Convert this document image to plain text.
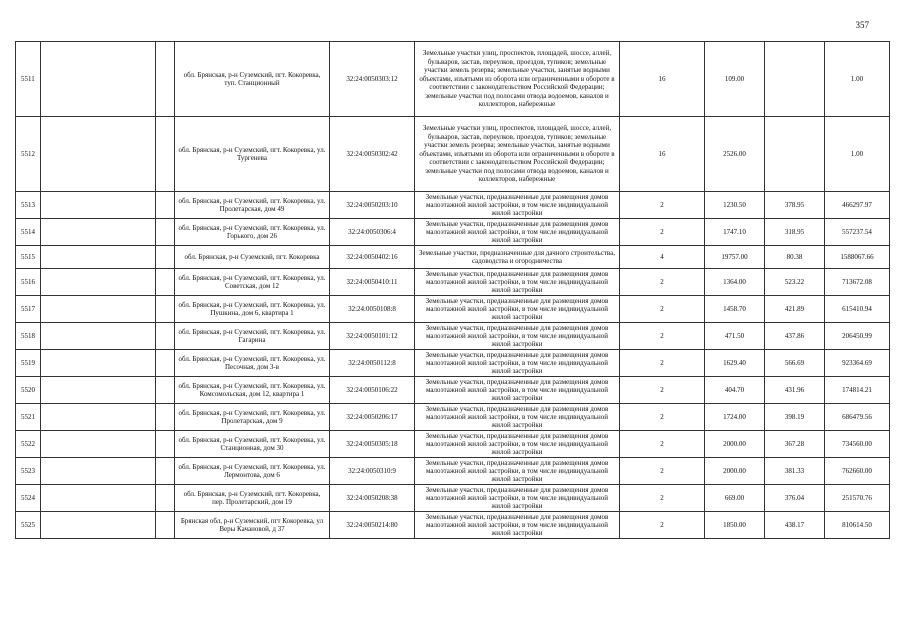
357
5511			обл. Брянская, р-н Суземский, пгт. Кокоревка, туп. Станционный	32:24:0050303:12	Земельные участки улиц, проспектов, площадей, шоссе, аллей, бульваров, застав, переулков, проездов, тупиков; земельные участки земель резерва; земельные участки, занятые водными объектами, изъятыми из оборота или ограниченными в обороте в соответствии с законодательством Российской Федерации; земельные участки под полосами отвода водоемов, каналов и коллекторов, набережные	16	109.00		1.00
5512			обл. Брянская, р-н Суземский, пгт. Кокоревка, ул. Тургенева	32:24:0050302:42	Земельные участки улиц, проспектов, площадей, шоссе, аллей, бульваров, застав, переулков, проездов, тупиков; земельные участки земель резерва; земельные участки, занятые водными объектами, изъятыми из оборота или ограниченными в обороте в соответствии с законодательством Российской Федерации; земельные участки под полосами отвода водоемов, каналов и коллекторов, набережные	16	2526.00		1.00
5513			обл. Брянская, р-н Суземский, пгт. Кокоревка, ул. Пролетарская, дом 49	32:24:0050203:10	Земельные участки, предназначенные для размещения домов малоэтажной жилой застройки, в том числе индивидуальной жилой застройки	2	1230.50	378.95	466297.97
5514			обл. Брянская, р-н Суземский, пгт. Кокоревка, ул. Горького, дом 26	32:24:0050306:4	Земельные участки, предназначенные для размещения домов малоэтажной жилой застройки, в том числе индивидуальной жилой застройки	2	1747.10	318.95	557237.54
5515			обл. Брянская, р-н Суземский, пгт. Кокоревка	32:24:0050402:16	Земельные участки, предназначенные для дачного строительства, садоводства и огородничества	4	19757.00	80.38	1588067.66
5516			обл. Брянская, р-н Суземский, пгт. Кокоревка, ул. Советская, дом 12	32:24:0050410:11	Земельные участки, предназначенные для размещения домов малоэтажной жилой застройки, в том числе индивидуальной жилой застройки	2	1364.00	523.22	713672.08
5517			обл. Брянская, р-н Суземский, пгт. Кокоревка, ул. Пушкина, дом 6, квартира 1	32:24:0050108:8	Земельные участки, предназначенные для размещения домов малоэтажной жилой застройки, в том числе индивидуальной жилой застройки	2	1458.70	421.89	615410.94
5518			обл. Брянская, р-н Суземский, пгт. Кокоревка, ул. Гагарина	32:24:0050101:12	Земельные участки, предназначенные для размещения домов малоэтажной жилой застройки, в том числе индивидуальной жилой застройки	2	471.50	437.86	206450.99
5519			обл. Брянская, р-н Суземский, пгт. Кокоревка, ул. Песочная, дом 3-в	32:24:0050112:8	Земельные участки, предназначенные для размещения домов малоэтажной жилой застройки, в том числе индивидуальной жилой застройки	2	1629.40	566.69	923364.69
5520			обл. Брянская, р-н Суземский, пгт. Кокоревка, ул. Комсомольская, дом 12, квартира 1	32:24:0050106:22	Земельные участки, предназначенные для размещения домов малоэтажной жилой застройки, в том числе индивидуальной жилой застройки	2	404.70	431.96	174814.21
5521			обл. Брянская, р-н Суземский, пгт. Кокоревка, ул. Пролетарская, дом 9	32:24:0050206:17	Земельные участки, предназначенные для размещения домов малоэтажной жилой застройки, в том числе индивидуальной жилой застройки	2	1724.00	398.19	686479.56
5522			обл. Брянская, р-н Суземский, пгт. Кокоревка, ул. Станционная, дом 30	32:24:0050305:18	Земельные участки, предназначенные для размещения домов малоэтажной жилой застройки, в том числе индивидуальной жилой застройки	2	2000.00	367.28	734560.00
5523			обл. Брянская, р-н Суземский, пгт. Кокоревка, ул. Лермонтова, дом 6	32:24:0050310:9	Земельные участки, предназначенные для размещения домов малоэтажной жилой застройки, в том числе индивидуальной жилой застройки	2	2000.00	381.33	762660.00
5524			обл. Брянская, р-н Суземский, пгт. Кокоревка, пер. Пролетарский, дом 19	32:24:0050208:38	Земельные участки, предназначенные для размещения домов малоэтажной жилой застройки, в том числе индивидуальной жилой застройки	2	669.00	376.04	251570.76
5525			Брянская обл, р-н Суземский, пгт Кокоревка, ул Веры Качановой, д 37	32:24:0050214:80	Земельные участки, предназначенные для размещения домов малоэтажной жилой застройки, в том числе индивидуальной жилой застройки	2	1850.00	438.17	810614.50
